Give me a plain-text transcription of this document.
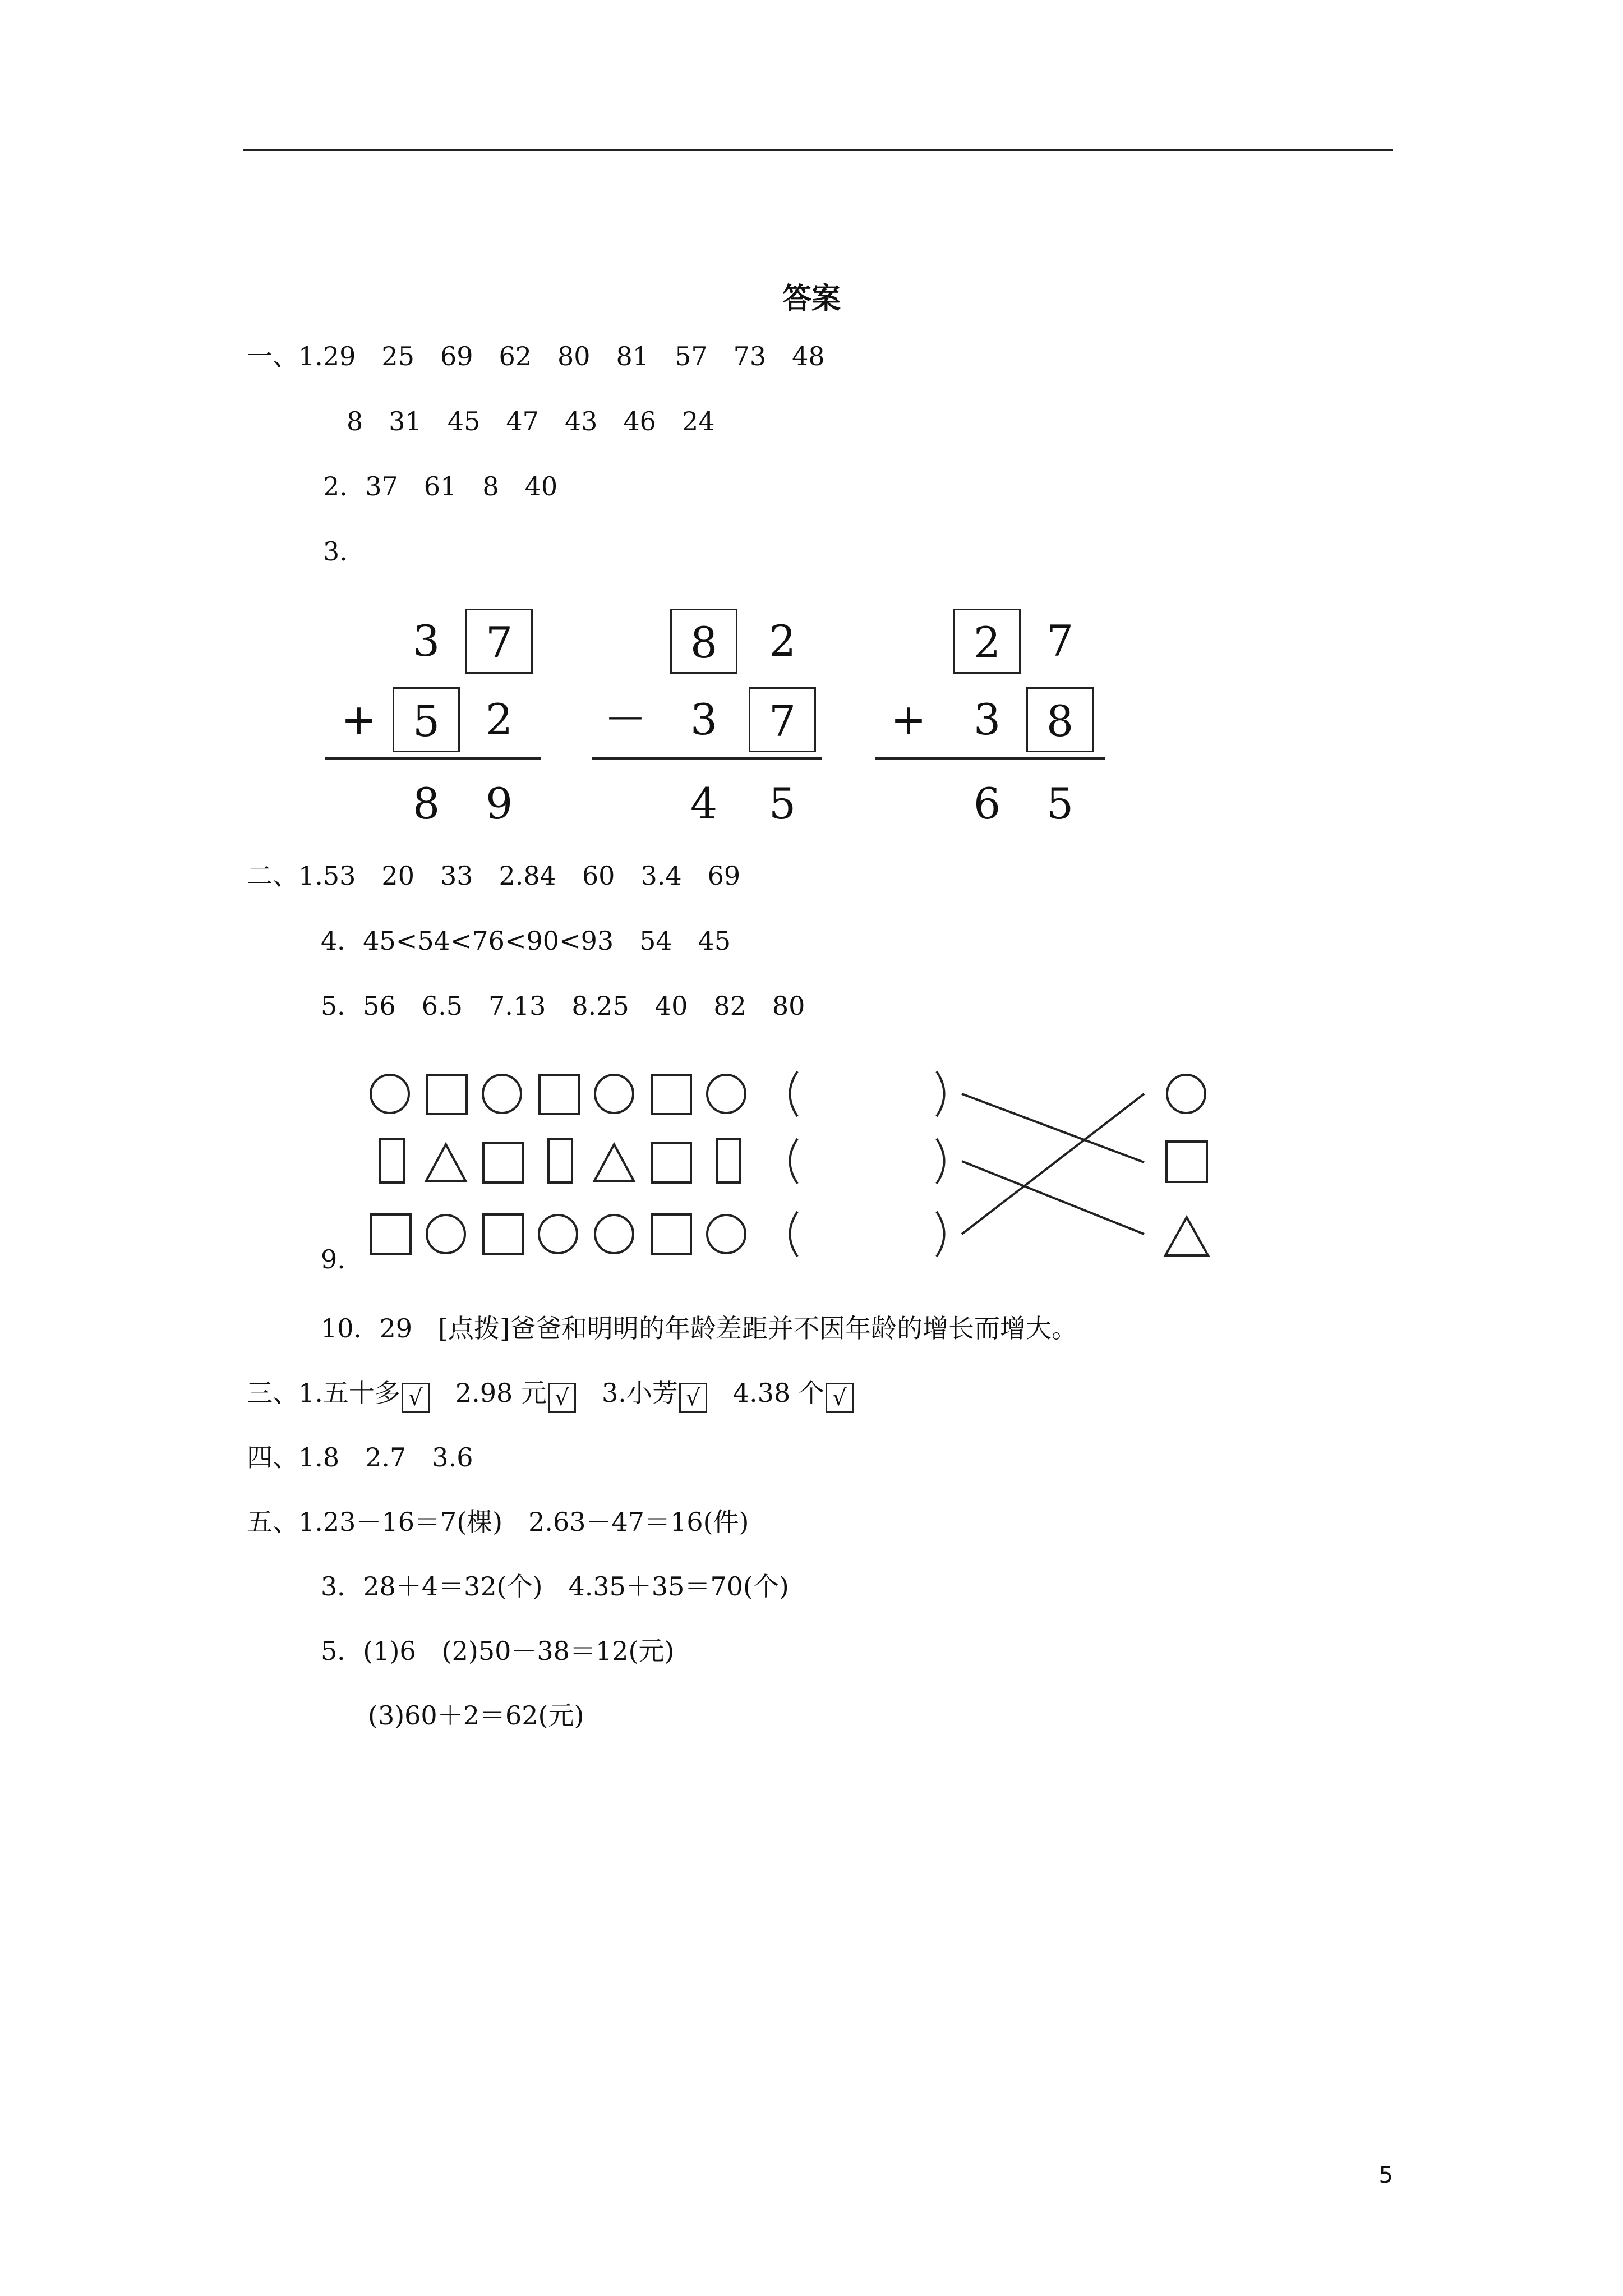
答案
一、1.29　25　69　62　80　81　57　73　48
8　31　45　47　43　46　24
2．37　61　8　40
3.
3	7
+ 5	2
8	9
8	2
－	3	7
4	5
2	7
+	3	8
6	5
二、1.53　20　33　2.84　60　3.4　69
4．45<54<76<90<93　54　45
5．56　6.5　7.13　8.25　40　82　80
9.
10．29　[点拨]爸爸和明明的年龄差距并不因年龄的增长而增大。
三、1.五十多 √　 2.98 元 √　 3.小芳 √　 4.38 个 √
四、1.8　2.7　3.6
五、1.23－16＝7(棵)　2.63－47＝16(件)
3．28＋4＝32(个)　4.35＋35＝70(个)
5．(1)6　(2)50－38＝12(元)
(3)60＋2＝62(元)
5
